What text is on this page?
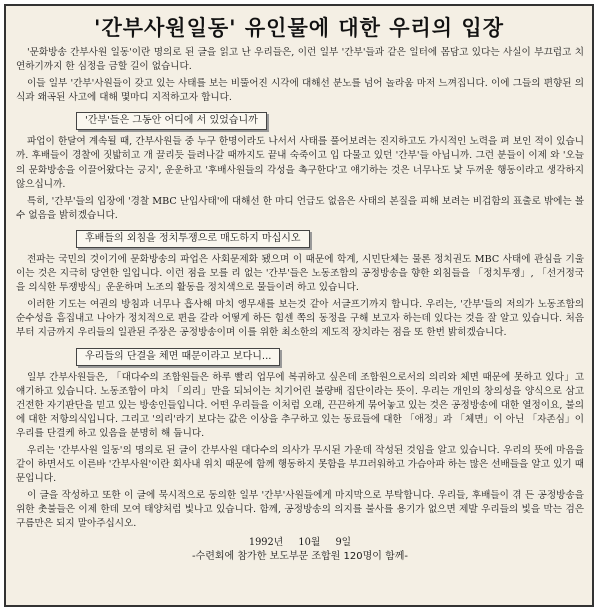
'간부사원일동' 유인물에 대한 우리의 입장

'문화방송 간부사원 일동'이란 명의로 된 글을 읽고 난 우리들은, 이런 일부 '간부'들과 같은 일터에 몸담고 있다는 사실이 부끄럽고 치연하기까지 한 심정을 금할 길이 없습니다.

이들 일부 '간부'사원들이 갖고 있는 사태를 보는 비뚤어진 시각에 대해선 분노를 넘어 놀라움 마저 느껴집니다. 이에 그들의 편향된 의식과 왜곡된 사고에 대해 몇마디 지적하고자 합니다.

'간부'들은 그동안 어디에 서 있었습니까

파업이 한달여 계속될 때, 간부사원들 중 누구 한명이라도 나서서 사태를 풀어보려는 진지하고도 가시적인 노력을 펴 보인 적이 있습니까. 후배들이 경찰에 짓밟히고 개 끌리듯 들려나갈 때까지도 끝내 숙죽이고 입 다물고 있던 '간부'들 아닙니까. 그런 분들이 이제 와 '오늘의 문화방송을 이끌어왔다는 긍지', 운운하고 '후배사원들의 각성을 촉구한다'고 얘기하는 것은 너무나도 낯 두꺼운 행동이라고 생각하지 않으십니까.

특히, '간부'들의 입장에 '경찰 MBC 난입사태'에 대해선 한 마디 언급도 없음은 사태의 본질을 피해 보려는 비겁함의 표출로 밖에는 볼 수 없음을 밝히겠습니다.

후배들의 외침을 정치투쟁으로 매도하지 마십시오

전파는 국민의 것이기에 문화방송의 파업은 사회문제화 됐으며 이 때문에 학계, 시민단체는 물론 정치권도 MBC 사태에 관심을 기울이는 것은 지극히 당연한 일입니다. 이런 점을 모를 리 없는 '간부'들은 노동조합의 공정방송을 향한 외침들을 「정치투쟁」, 「선거정국을 의식한 투쟁방식」운운하며 노조의 활동을 정치색으로 물들이려 하고 있습니다.

이러한 기도는 여권의 방침과 너무나 흡사해 마치 앵무새를 보는것 같아 서글프기까지 합니다. 우리는, '간부'들의 저의가 노동조합의 순수성을 흠집내고 나아가 정치적으로 편을 갈라 어떻게 하든 힘센 쪽의 동정을 구해 보고자 하는데 있다는 것을 잘 알고 있습니다. 처음부터 지금까지 우리들의 일관된 주장은 공정방송이며 이를 위한 최소한의 제도적 장치라는 점을 또 한번 밝히겠습니다.

우리들의 단결을 체면 때문이라고 보다니...

일부 간부사원들은, 「대다수의 조합원들은 하루 빨리 업무에 복귀하고 싶은데 조합원으로서의 의리와 체면 때문에 못하고 있다」고 얘기하고 있습니다. 노동조합이 마치 「의리」만을 되뇌이는 치기어린 불량배 집단이라는 뜻이. 우리는 개인의 창의성을 양식으로 삼고 건전한 자기판단을 믿고 있는 방송인들입니다. 어떤 우리들을 이처럼 오래, 끈끈하게 묶어놓고 있는 것은 공정방송에 대한 열정이요, 불의에 대한 저항의식입니다. 그리고 '의리'라기 보다는 값은 이상을 추구하고 있는 동료들에 대한 「애정」과 「체면」이 아닌 「자존심」이 우리를 단결케 하고 있음을 분명히 해 둡니다.

우리는 '간부사원 일동'의 명의로 된 글이 간부사원 대다수의 의사가 무시된 가운데 작성된 것임을 알고 있습니다. 우리의 뜻에 마음을 같이 하면서도 이른바 '간부사원'이란 회사내 위치 때문에 함께 행동하지 못함을 부끄러워하고 가슴아파 하는 많은 선배들을 알고 있기 때문입니다.

이 글을 작성하고 또한 이 글에 묵시적으로 동의한 일부 '간부'사원들에게 마지막으로 부탁합니다. 우리들, 후배들이 겪 든 공정방송을 위한 촛불들은 이제 한데 모여 태양처럼 빛나고 있습니다. 함께, 공정방송의 의지를 불사를 용기가 없으면 제발 우리들의 빛을 막는 검은 구름만은 되지 말아주십시오.

1992년 10월 9일
-수련회에 참가한 보도부문 조합원 120명이 함께-
